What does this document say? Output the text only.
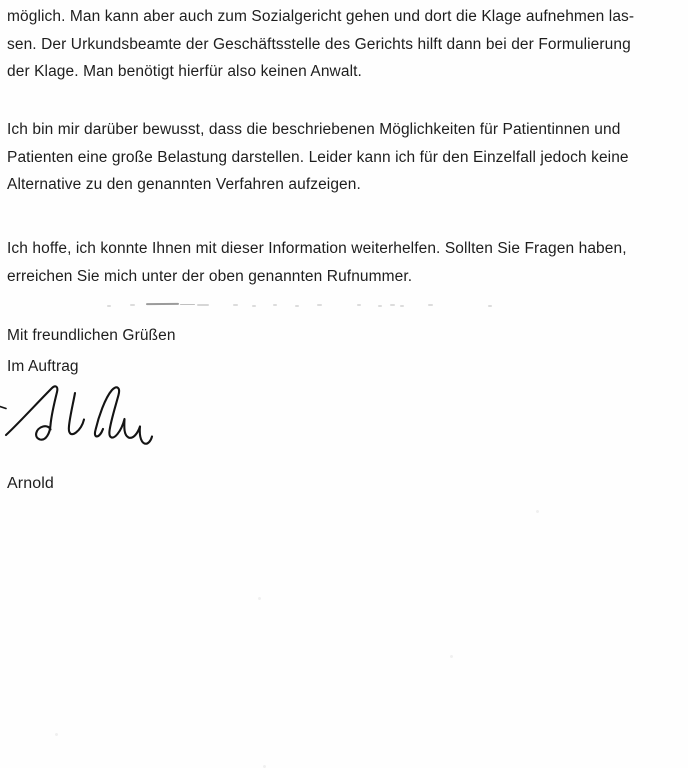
möglich. Man kann aber auch zum Sozialgericht gehen und dort die Klage aufnehmen las-
sen. Der Urkundsbeamte der Geschäftsstelle des Gerichts hilft dann bei der Formulierung
der Klage. Man benötigt hierfür also keinen Anwalt.
Ich bin mir darüber bewusst, dass die beschriebenen Möglichkeiten für Patientinnen und
Patienten eine große Belastung darstellen. Leider kann ich für den Einzelfall jedoch keine
Alternative zu den genannten Verfahren aufzeigen.
Ich hoffe, ich konnte Ihnen mit dieser Information weiterhelfen. Sollten Sie Fragen haben,
erreichen Sie mich unter der oben genannten Rufnummer.
Mit freundlichen Grüßen
Im Auftrag
Arnold
